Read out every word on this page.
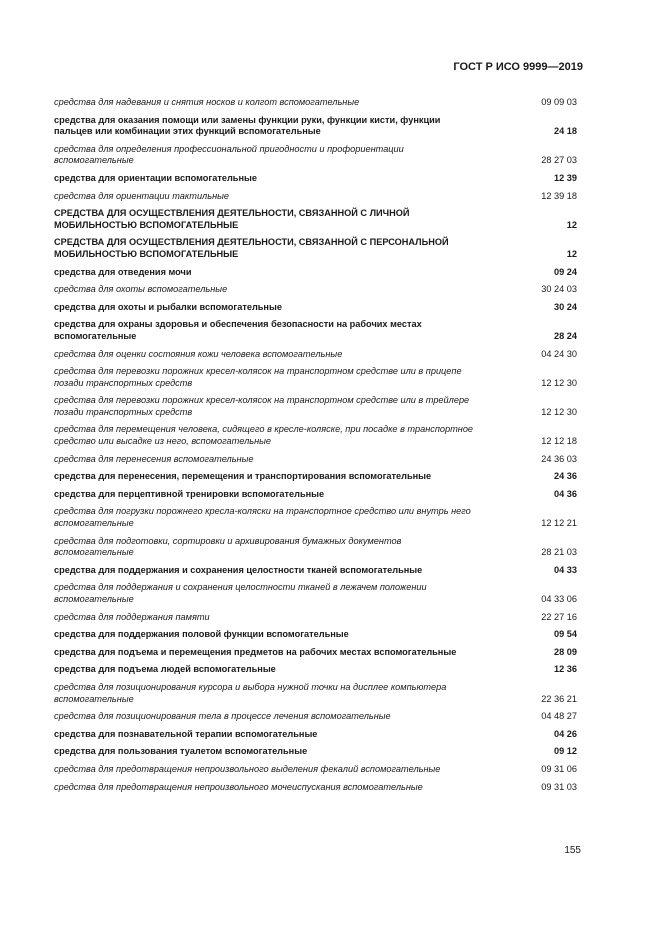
ГОСТ Р ИСО 9999—2019
средства для надевания и снятия носков и колгот вспомогательные	09 09 03
средства для оказания помощи или замены функции руки, функции кисти, функции пальцев или комбинации этих функций вспомогательные	24 18
средства для определения профессиональной пригодности и профориентации вспомогательные	28 27 03
средства для ориентации вспомогательные	12 39
средства для ориентации тактильные	12 39 18
СРЕДСТВА ДЛЯ ОСУЩЕСТВЛЕНИЯ ДЕЯТЕЛЬНОСТИ, СВЯЗАННОЙ С ЛИЧНОЙ МОБИЛЬНОСТЬЮ ВСПОМОГАТЕЛЬНЫЕ	12
СРЕДСТВА ДЛЯ ОСУЩЕСТВЛЕНИЯ ДЕЯТЕЛЬНОСТИ, СВЯЗАННОЙ С ПЕРСОНАЛЬНОЙ МОБИЛЬНОСТЬЮ ВСПОМОГАТЕЛЬНЫЕ	12
средства для отведения мочи	09 24
средства для охоты вспомогательные	30 24 03
средства для охоты и рыбалки вспомогательные	30 24
средства для охраны здоровья и обеспечения безопасности на рабочих местах вспомогательные	28 24
средства для оценки состояния кожи человека вспомогательные	04 24 30
средства для перевозки порожних кресел-колясок на транспортном средстве или в прицепе позади транспортных средств	12 12 30
средства для перевозки порожних кресел-колясок на транспортном средстве или в трейлере позади транспортных средств	12 12 30
средства для перемещения человека, сидящего в кресле-коляске, при посадке в транспортное средство или высадке из него, вспомогательные	12 12 18
средства для перенесения вспомогательные	24 36 03
средства для перенесения, перемещения и транспортирования вспомогательные	24 36
средства для перцептивной тренировки вспомогательные	04 36
средства для погрузки порожнего кресла-коляски на транспортное средство или внутрь него вспомогательные	12 12 21
средства для подготовки, сортировки и архивирования бумажных документов вспомогательные	28 21 03
средства для поддержания и сохранения целостности тканей вспомогательные	04 33
средства для поддержания и сохранения целостности тканей в лежачем положении вспомогательные	04 33 06
средства для поддержания памяти	22 27 16
средства для поддержания половой функции вспомогательные	09 54
средства для подъема и перемещения предметов на рабочих местах вспомогательные	28 09
средства для подъема людей вспомогательные	12 36
средства для позиционирования курсора и выбора нужной точки на дисплее компьютера вспомогательные	22 36 21
средства для позиционирования тела в процессе лечения вспомогательные	04 48 27
средства для познавательной терапии вспомогательные	04 26
средства для пользования туалетом вспомогательные	09 12
средства для предотвращения непроизвольного выделения фекалий вспомогательные	09 31 06
средства для предотвращения непроизвольного мочеиспускания вспомогательные	09 31 03
155
